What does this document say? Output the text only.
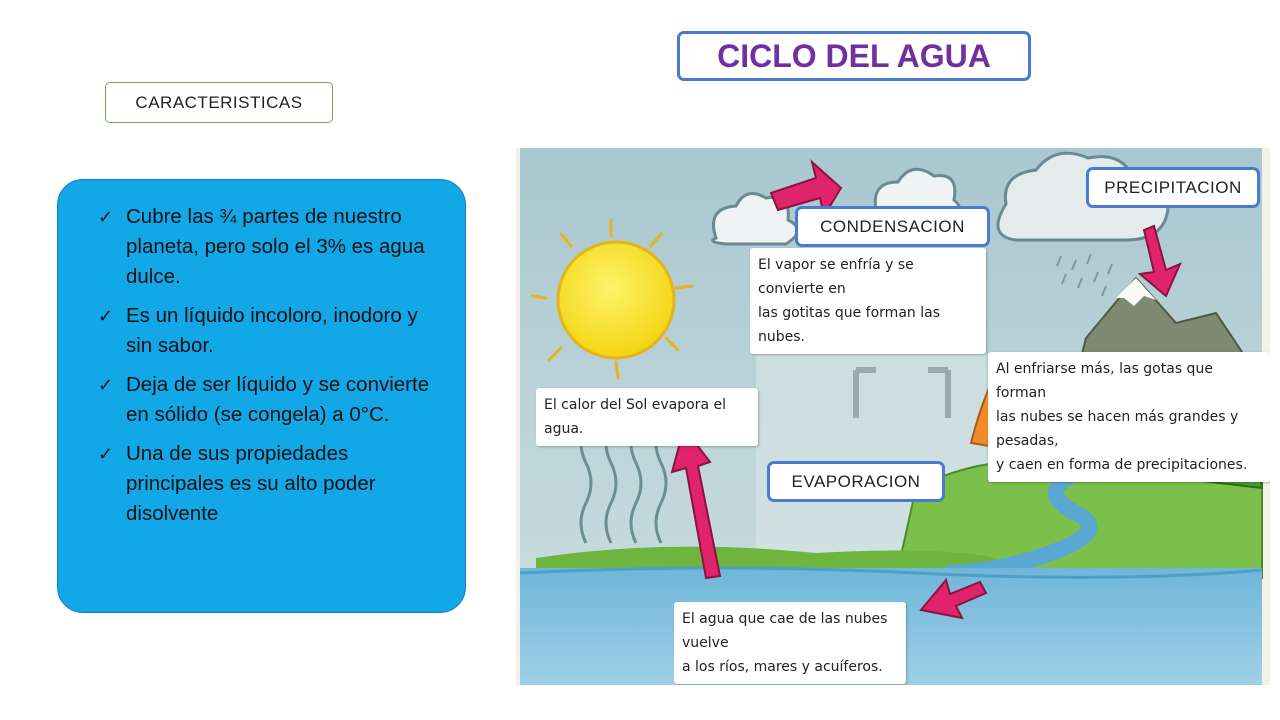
CICLO DEL AGUA
CARACTERISTICAS
✓ Cubre las ¾ partes de nuestro planeta, pero solo el 3% es agua dulce.
✓ Es un líquido incoloro, inodoro y sin sabor.
✓ Deja de ser líquido y se convierte en sólido (se congela) a 0°C.
✓ Una de sus propiedades principales es su alto poder disolvente
El vapor se enfría y se convierte en
las gotitas que forman las nubes.
El calor del Sol evapora el agua.
Al enfriarse más, las gotas que forman
las nubes se hacen más grandes y pesadas,
y caen en forma de precipitaciones.
El agua que cae de las nubes vuelve
a los ríos, mares y acuíferos.
PRECIPITACION
CONDENSACION
EVAPORACION
